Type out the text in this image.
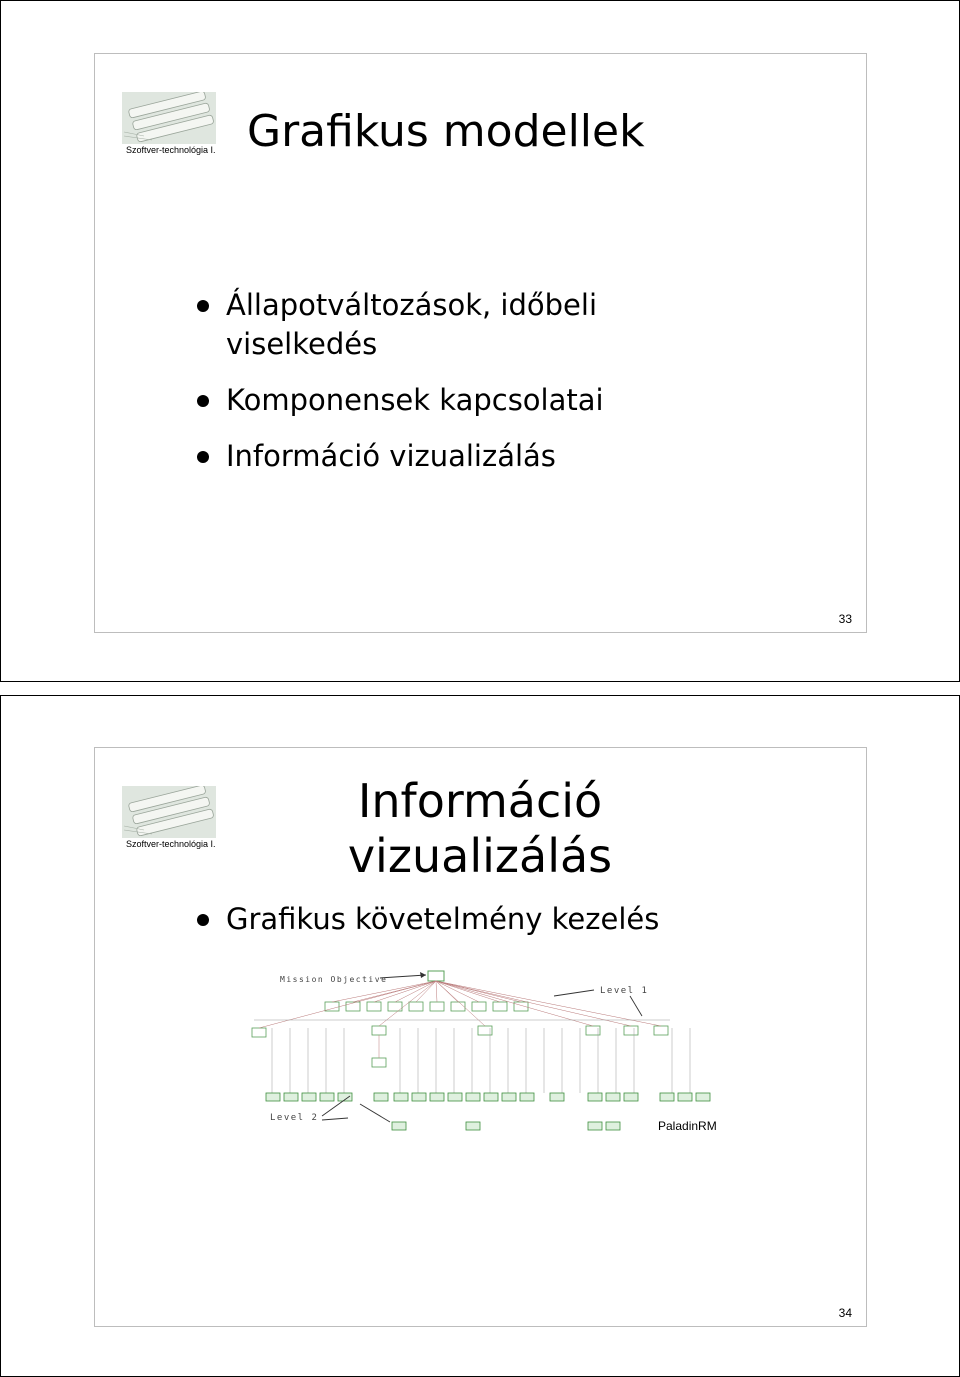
Szoftver-technológia I. Grafikus modellek
Állapotváltozások, időbeli viselkedés
Komponensek kapcsolatai
Információ vizualizálás
33
Szoftver-technológia I.
Információ
vizualizálás
Grafikus követelmény kezelés
Mission Objective
Level 1
Level 2
PaladinRM
34
